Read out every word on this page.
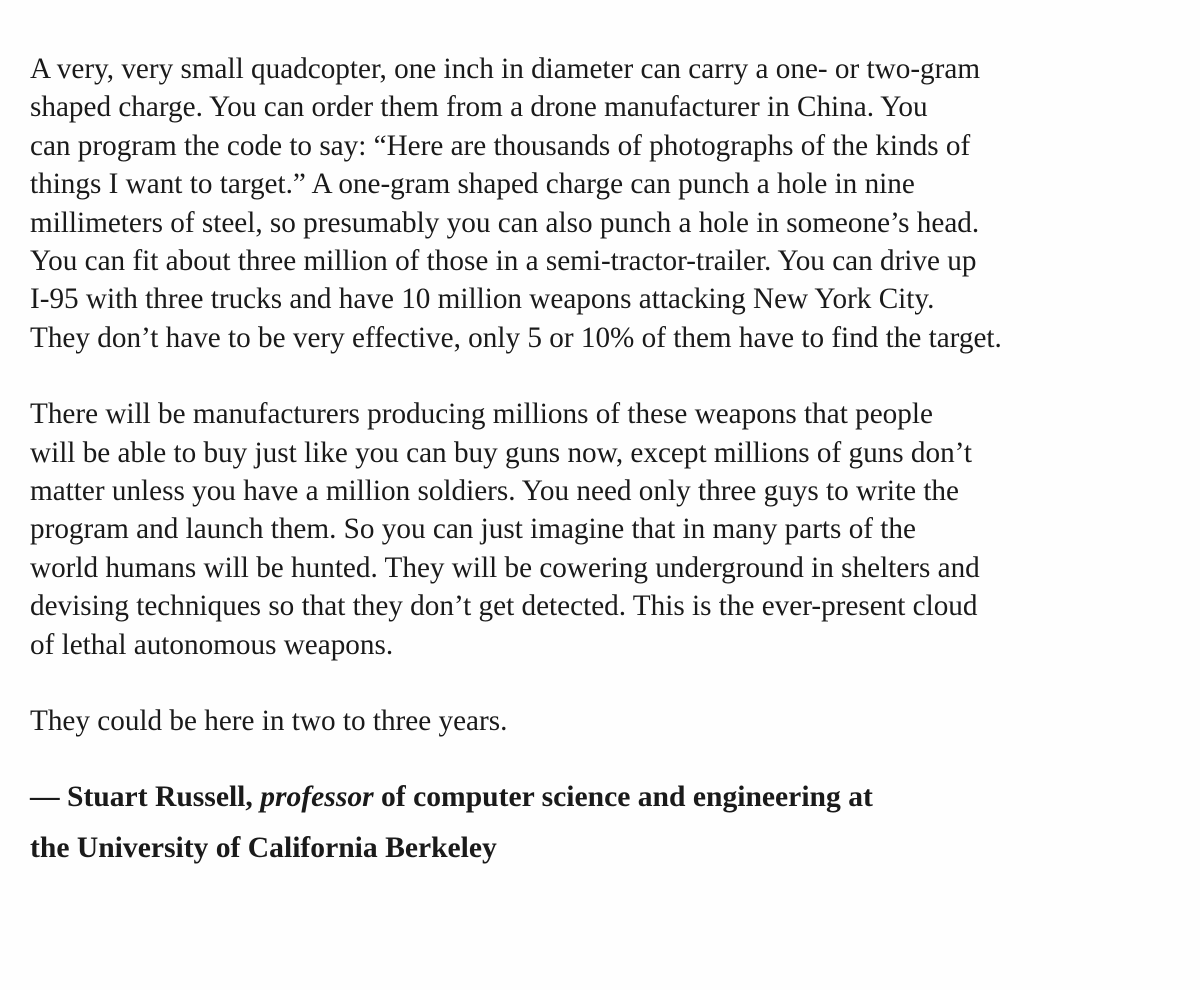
A very, very small quadcopter, one inch in diameter can carry a one- or two-gram
shaped charge. You can order them from a drone manufacturer in China. You
can program the code to say: “Here are thousands of photographs of the kinds of
things I want to target.” A one-gram shaped charge can punch a hole in nine
millimeters of steel, so presumably you can also punch a hole in someone’s head.
You can fit about three million of those in a semi-tractor-trailer. You can drive up
I-95 with three trucks and have 10 million weapons attacking New York City.
They don’t have to be very effective, only 5 or 10% of them have to find the target.

There will be manufacturers producing millions of these weapons that people
will be able to buy just like you can buy guns now, except millions of guns don’t
matter unless you have a million soldiers. You need only three guys to write the
program and launch them. So you can just imagine that in many parts of the
world humans will be hunted. They will be cowering underground in shelters and
devising techniques so that they don’t get detected. This is the ever-present cloud
of lethal autonomous weapons.

They could be here in two to three years.

— Stuart Russell, professor of computer science and engineering at
the University of California Berkeley
